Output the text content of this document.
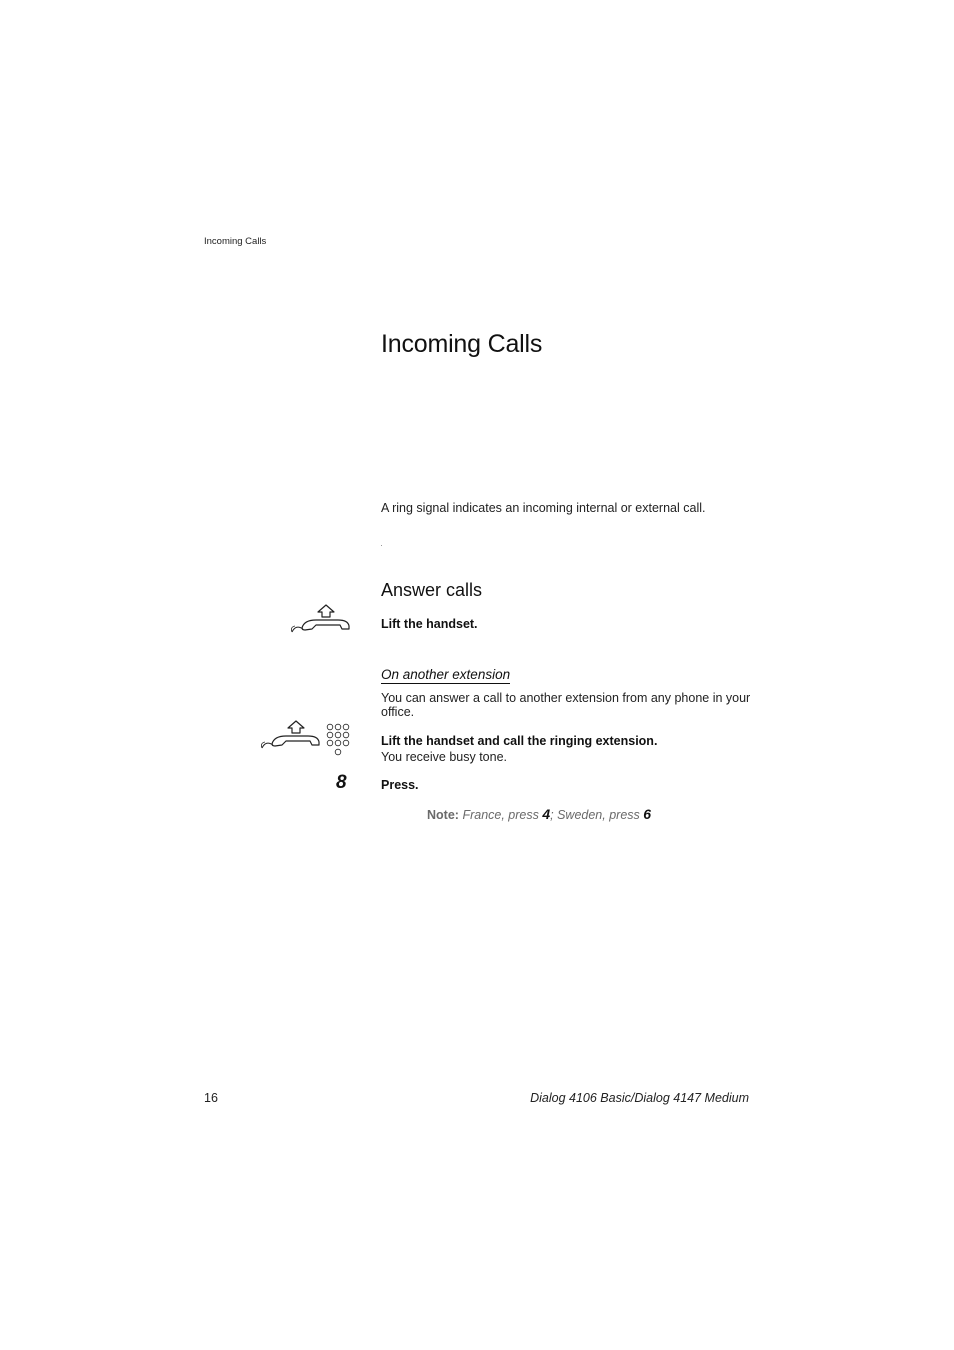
Incoming Calls
Incoming Calls
A ring signal indicates an incoming internal or external call.
Answer calls
Lift the handset.
On another extension
You can answer a call to another extension from any phone in your office.
Lift the handset and call the ringing extension.
You receive busy tone.
8	Press.
Note: France, press 4; Sweden, press 6
16	Dialog 4106 Basic/Dialog 4147 Medium
